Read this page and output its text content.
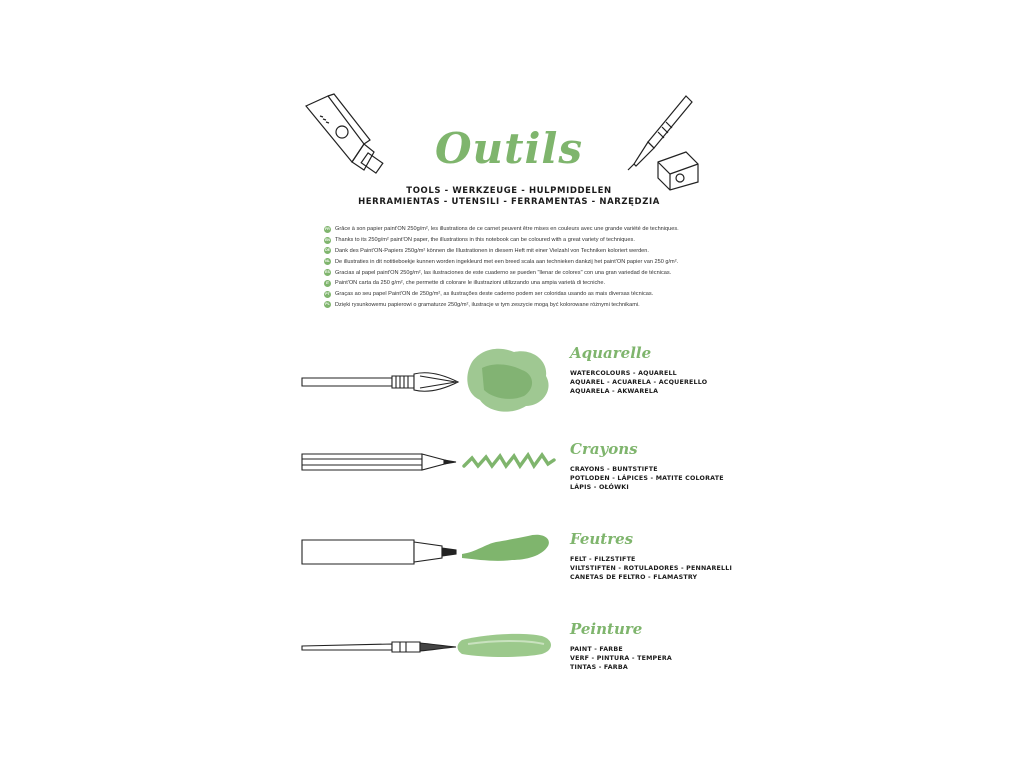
Outils
TOOLS - WERKZEUGE - HULPMIDDELEN
HERRAMIENTAS - UTENSILI - FERRAMENTAS - NARZĘDZIA
FR Grâce à son papier paint'ON 250g/m², les illustrations de ce carnet peuvent être mises en couleurs avec une grande variété de techniques.
EN Thanks to its 250g/m² paint'ON paper, the illustrations in this notebook can be coloured with a great variety of techniques.
DE Dank des Paint'ON-Papiers 250g/m² können die Illustrationen in diesem Heft mit einer Vielzahl von Techniken koloriert werden.
NL De illustraties in dit notitieboekje kunnen worden ingekleurd met een breed scala aan technieken dankzij het paint'ON papier van 250 g/m².
ES Gracias al papel paint'ON 250g/m², las ilustraciones de este cuaderno se pueden "llenar de colores" con una gran variedad de técnicas.
IT	Paint'ON carta da 250 g/m², che permette di colorare le illustrazioni utilizzando una ampia varietà di tecniche.
PT Graças ao seu papel Paint'ON de 250g/m², as ilustrações deste caderno podem ser coloridas usando as mais diversas técnicas.
PL Dzięki rysunkowemu papierowi o gramaturze 250g/m², ilustracje w tym zeszycie mogą być kolorowane różnymi technikami.
Aquarelle
WATERCOLOURS - AQUARELL
AQUAREL - ACUARELA - ACQUERELLO
AQUARELA - AKWARELA
Crayons
CRAYONS - BUNTSTIFTE
POTLODEN - LÁPICES - MATITE COLORATE
LÁPIS - OŁÓWKI
Feutres
FELT - FILZSTIFTE
VILTSTIFTEN - ROTULADORES - PENNARELLI
CANETAS DE FELTRO - FLAMASTRY
Peinture
PAINT - FARBE
VERF - PINTURA - TEMPERA
TINTAS - FARBA
